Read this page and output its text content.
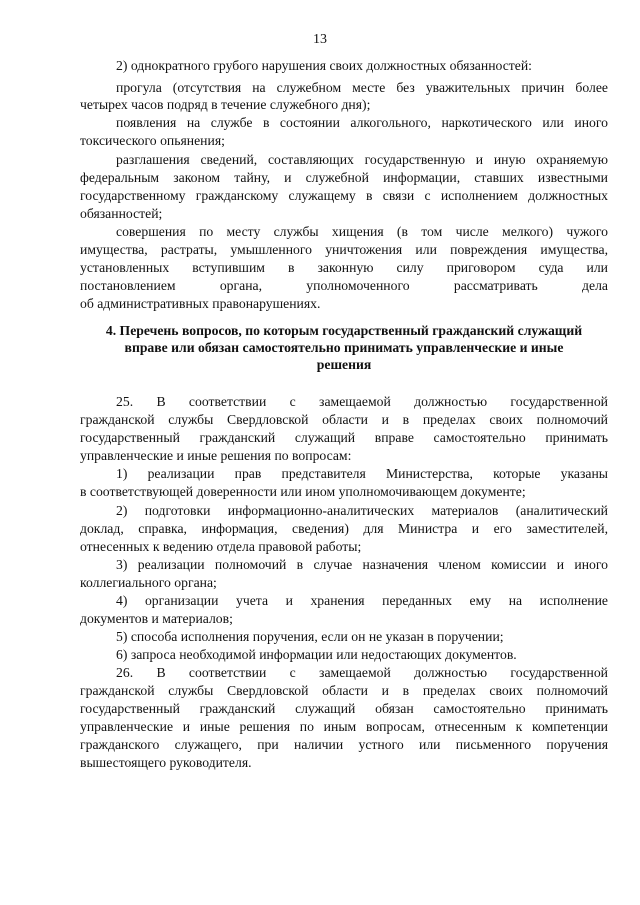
13
2) однократного грубого нарушения своих должностных обязанностей:
прогула (отсутствия на служебном месте без уважительных причин более
четырех часов подряд в течение служебного дня);
появления на службе в состоянии алкогольного, наркотического или иного
токсического опьянения;
разглашения сведений, составляющих государственную и иную охраняемую
федеральным законом тайну, и служебной информации, ставших известными
государственному гражданскому служащему в связи с исполнением должностных
обязанностей;
совершения по месту службы хищения (в том числе мелкого) чужого
имущества, растраты, умышленного уничтожения или повреждения имущества,
установленных вступившим в законную силу приговором суда или
постановлением органа, уполномоченного рассматривать дела
об административных правонарушениях.
4. Перечень вопросов, по которым государственный гражданский служащий
вправе или обязан самостоятельно принимать управленческие и иные
решения
25. В соответствии с замещаемой должностью государственной
гражданской службы Свердловской области и в пределах своих полномочий
государственный гражданский служащий вправе самостоятельно принимать
управленческие и иные решения по вопросам:
1) реализации прав представителя Министерства, которые указаны
в соответствующей доверенности или ином уполномочивающем документе;
2) подготовки информационно-аналитических материалов (аналитический
доклад, справка, информация, сведения) для Министра и его заместителей,
отнесенных к ведению отдела правовой работы;
3) реализации полномочий в случае назначения членом комиссии и иного
коллегиального органа;
4) организации учета и хранения переданных ему на исполнение
документов и материалов;
5) способа исполнения поручения, если он не указан в поручении;
6) запроса необходимой информации или недостающих документов.
26. В соответствии с замещаемой должностью государственной
гражданской службы Свердловской области и в пределах своих полномочий
государственный гражданский служащий обязан самостоятельно принимать
управленческие и иные решения по иным вопросам, отнесенным к компетенции
гражданского служащего, при наличии устного или письменного поручения
вышестоящего руководителя.
